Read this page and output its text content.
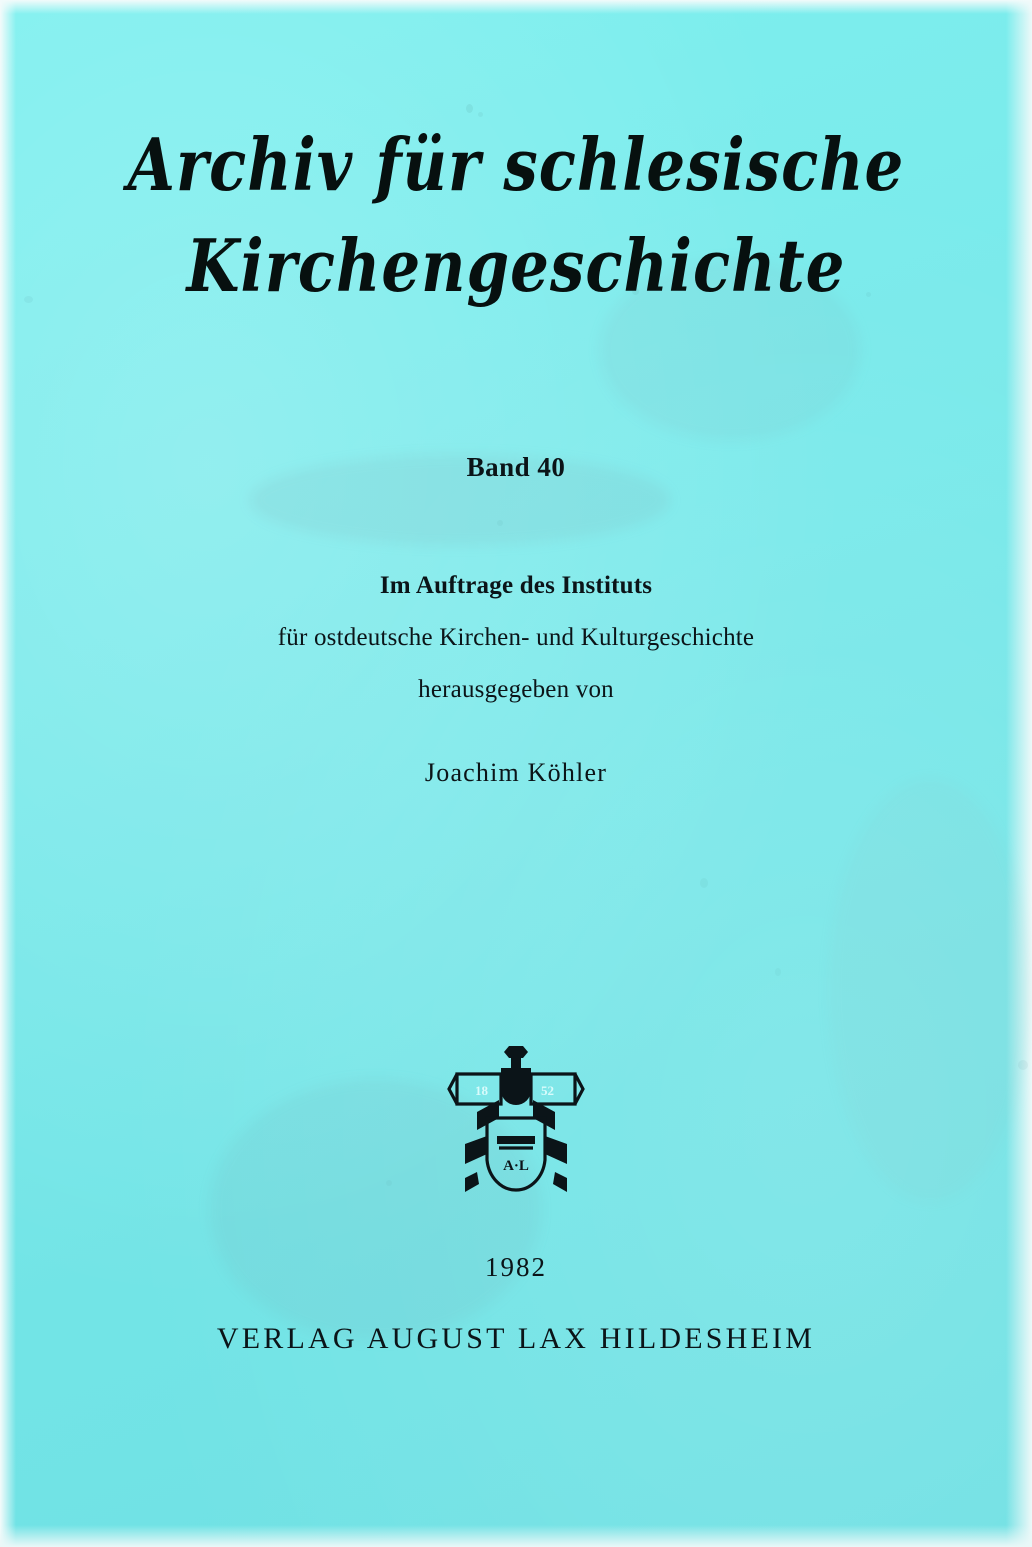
Archiv für schlesische
Kirchengeschichte
Band 40
Im Auftrage des Instituts
für ostdeutsche Kirchen- und Kulturgeschichte
herausgegeben von
Joachim Köhler
18	52
A·L
1982
VERLAG AUGUST LAX HILDESHEIM
